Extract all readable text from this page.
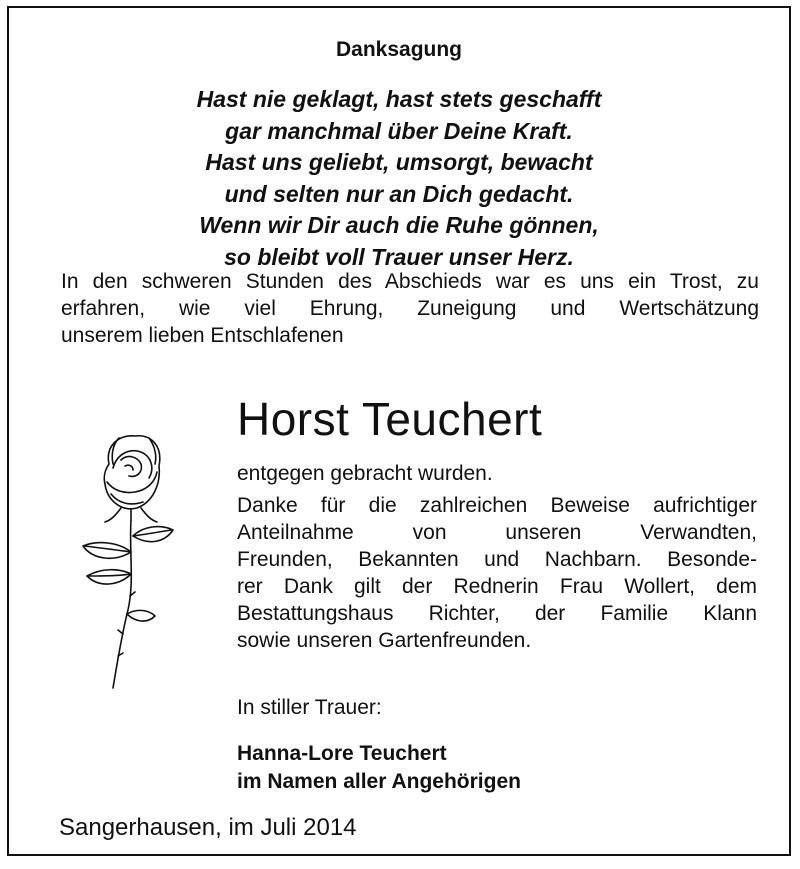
Danksagung
Hast nie geklagt, hast stets geschafft
gar manchmal über Deine Kraft.
Hast uns geliebt, umsorgt, bewacht
und selten nur an Dich gedacht.
Wenn wir Dir auch die Ruhe gönnen,
so bleibt voll Trauer unser Herz.
In den schweren Stunden des Abschieds war es uns ein Trost, zu
erfahren, wie viel Ehrung, Zuneigung und Wertschätzung
unserem lieben Entschlafenen
Horst Teuchert
entgegen gebracht wurden.
Danke für die zahlreichen Beweise aufrichtiger
Anteilnahme von unseren Verwandten,
Freunden, Bekannten und Nachbarn. Besonde-
rer Dank gilt der Rednerin Frau Wollert, dem
Bestattungshaus Richter, der Familie Klann
sowie unseren Gartenfreunden.
In stiller Trauer:
Hanna-Lore Teuchert
im Namen aller Angehörigen
Sangerhausen, im Juli 2014
